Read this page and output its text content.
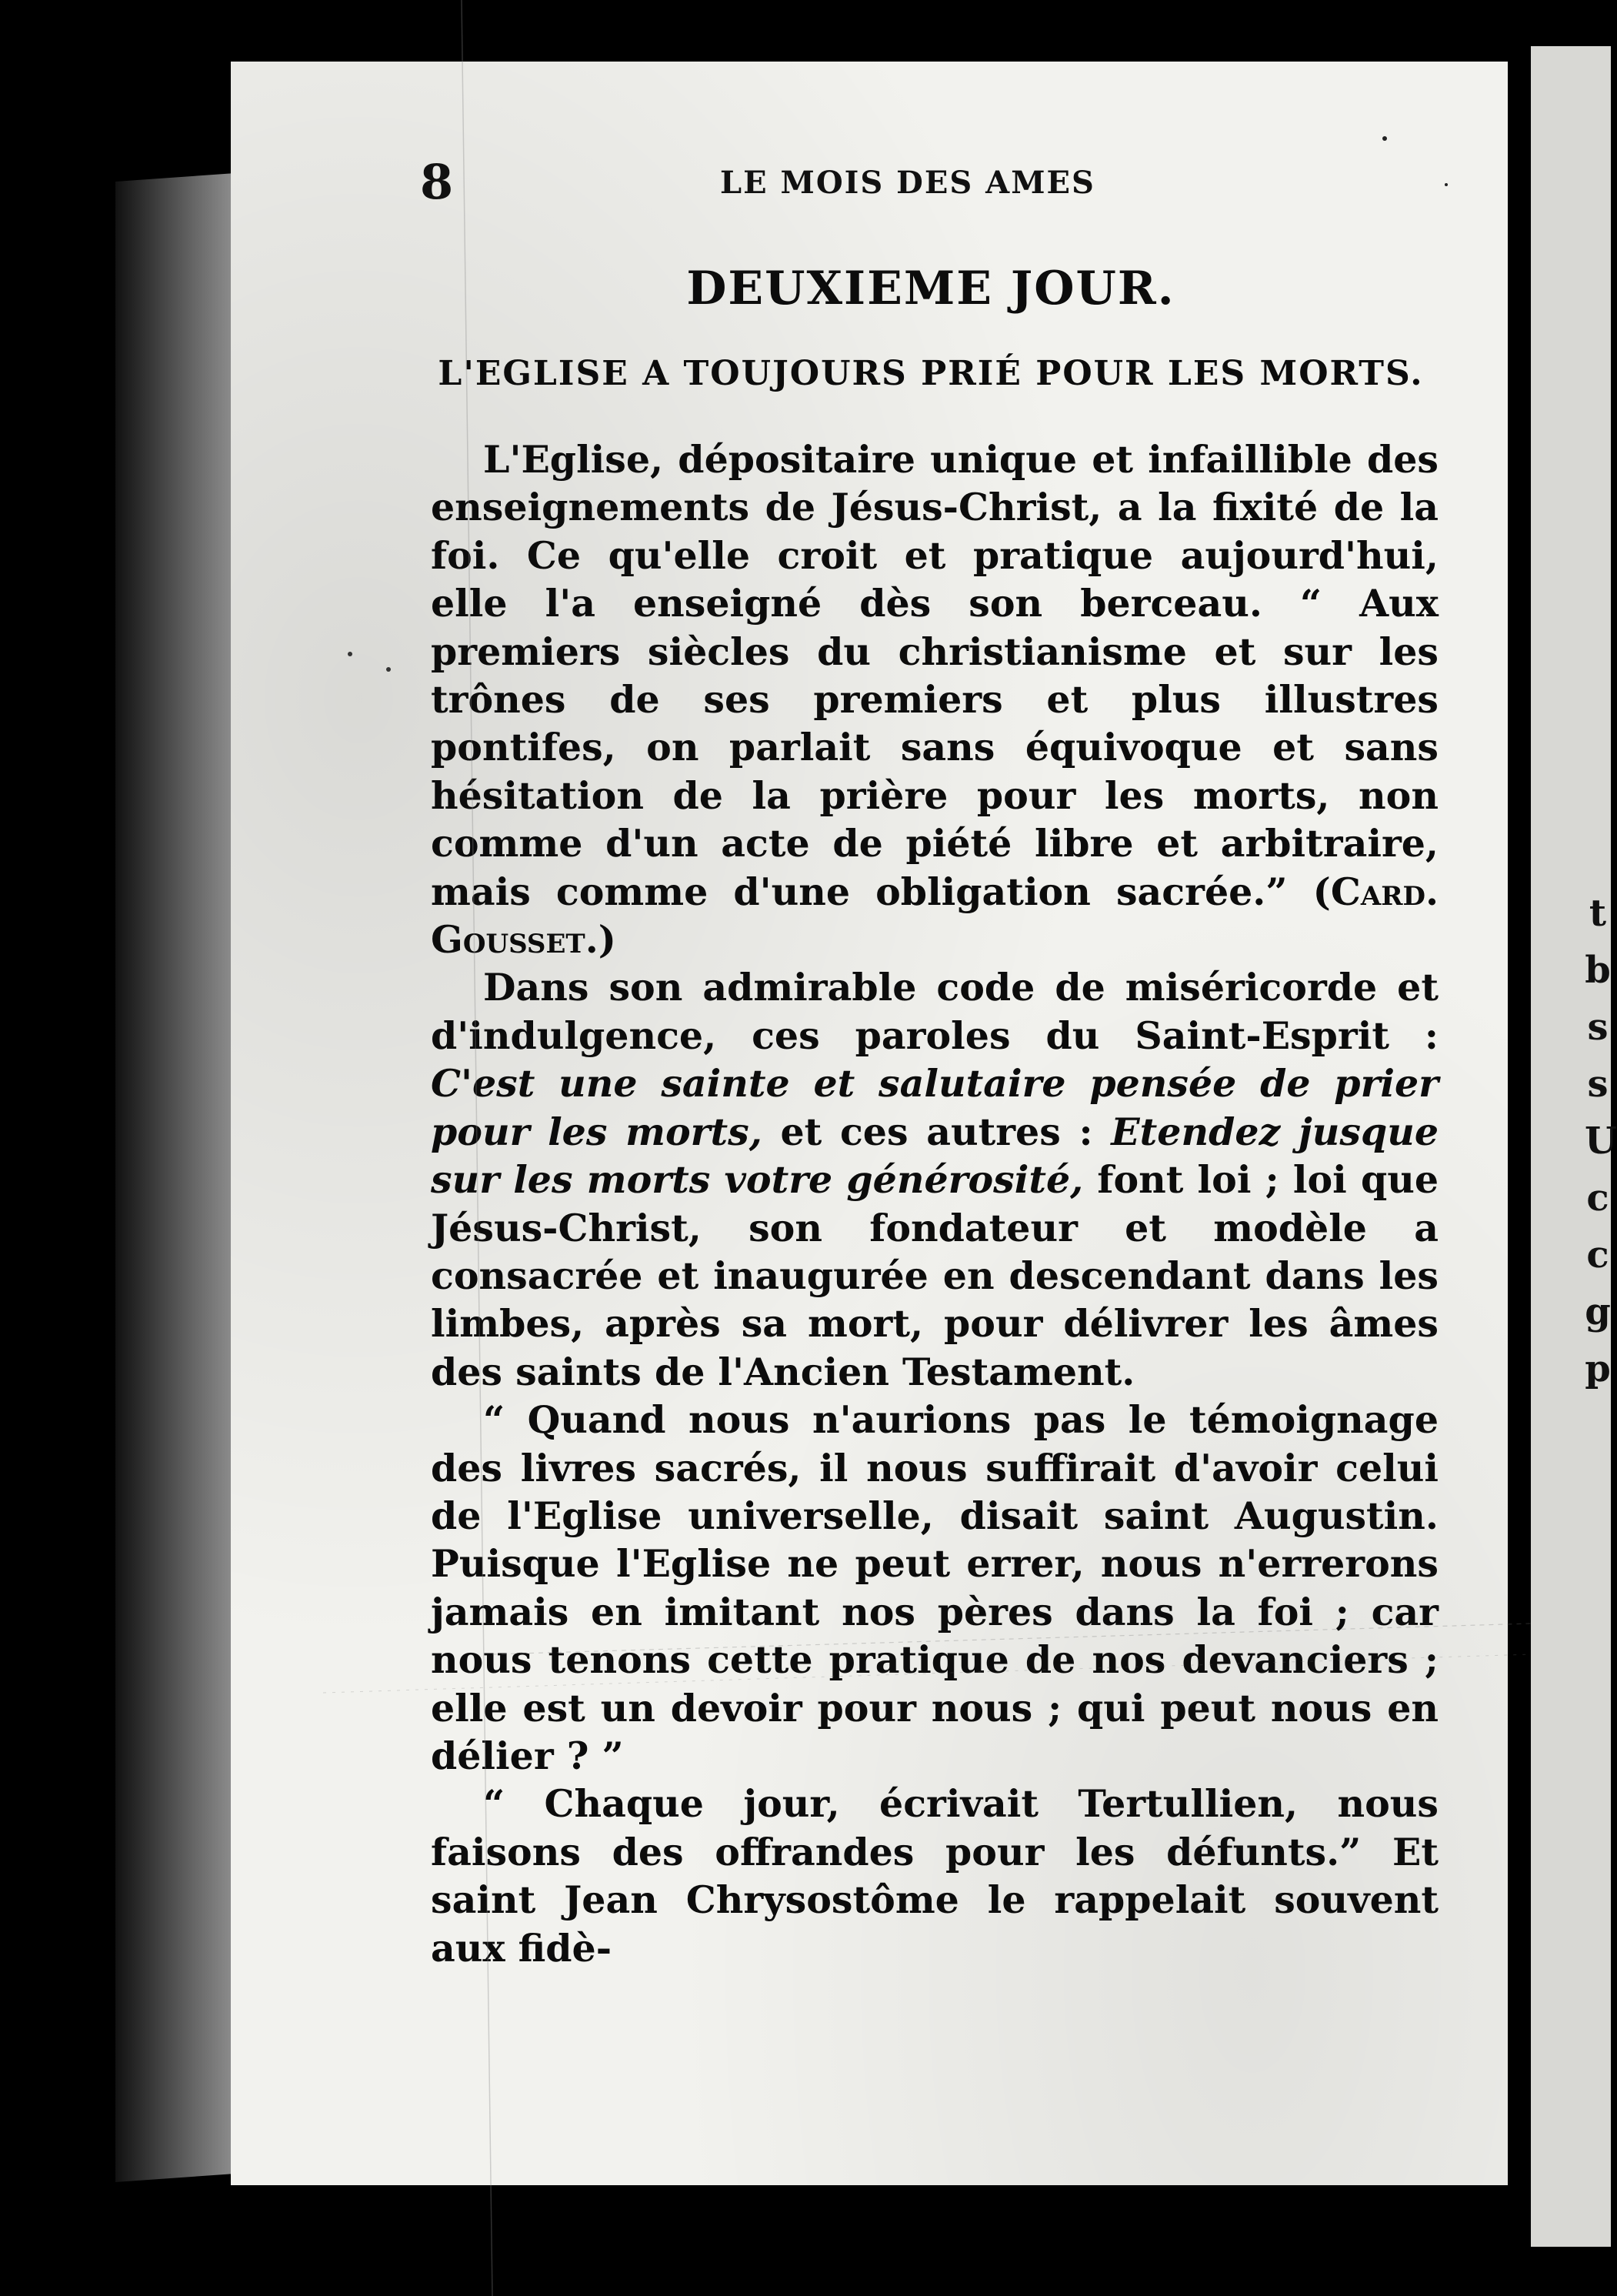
t
b
s
s
U
c
c
g
p
8	LE MOIS DES AMES
DEUXIEME JOUR.
L'EGLISE A TOUJOURS PRIÉ POUR LES MORTS.

L'Eglise, dépositaire unique et infaillible des enseignements de Jésus-Christ, a la fixité de la foi. Ce qu'elle croit et pratique aujourd'hui, elle l'a enseigné dès son berceau. “ Aux premiers siècles du christianisme et sur les trônes de ses premiers et plus illustres pontifes, on parlait sans équivoque et sans hésitation de la prière pour les morts, non comme d'un acte de piété libre et arbitraire, mais comme d'une obligation sacrée.” (Card. Gousset.)

Dans son admirable code de miséricorde et d'indulgence, ces paroles du Saint-Esprit : C'est une sainte et salutaire pensée de prier pour les morts, et ces autres : Etendez jusque sur les morts votre générosité, font loi ; loi que Jésus-Christ, son fondateur et modèle a consacrée et inaugurée en descendant dans les limbes, après sa mort, pour délivrer les âmes des saints de l'Ancien Testament.

“ Quand nous n'aurions pas le témoignage des livres sacrés, il nous suffirait d'avoir celui de l'Eglise universelle, disait saint Augustin. Puisque l'Eglise ne peut errer, nous n'errerons jamais en imitant nos pères dans la foi ; car nous tenons cette pratique de nos devanciers ; elle est un devoir pour nous ; qui peut nous en délier ? ”

“ Chaque jour, écrivait Tertullien, nous faisons des offrandes pour les défunts.” Et saint Jean Chrysostôme le rappelait souvent aux fidè-
